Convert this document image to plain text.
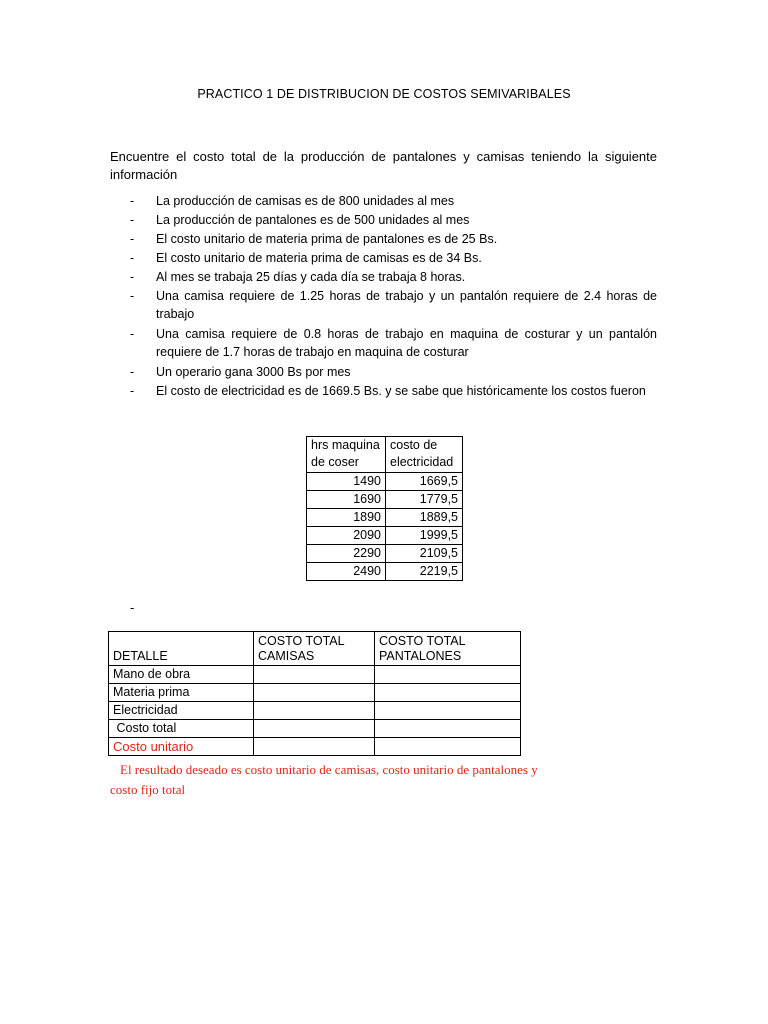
PRACTICO 1 DE DISTRIBUCION DE COSTOS SEMIVARIBALES
Encuentre el costo total de la producción de pantalones y camisas teniendo la siguiente información
- La producción de camisas es de 800 unidades al mes
- La producción de pantalones es de 500 unidades al mes
- El costo unitario de materia prima de pantalones es de 25 Bs.
- El costo unitario de materia prima de camisas es de 34 Bs.
- Al mes se trabaja 25 días y cada día se trabaja 8 horas.
- Una camisa requiere de 1.25 horas de trabajo y un pantalón requiere de 2.4 horas de trabajo
- Una camisa requiere de 0.8 horas de trabajo en maquina de costurar y un pantalón requiere de 1.7 horas de trabajo en maquina de costurar
- Un operario gana 3000 Bs por mes
- El costo de electricidad es de 1669.5 Bs. y se sabe que históricamente los costos fueron
hrs maquina de coser	costo de electricidad
1490	1669,5
1690	1779,5
1890	1889,5
2090	1999,5
2290	2109,5
2490	2219,5
-
DETALLE	COSTO TOTAL CAMISAS	COSTO TOTAL PANTALONES
Mano de obra		
Materia prima		
Electricidad		
Costo total		
Costo unitario		
El resultado deseado es costo unitario de camisas, costo unitario de pantalones y
costo fijo total
